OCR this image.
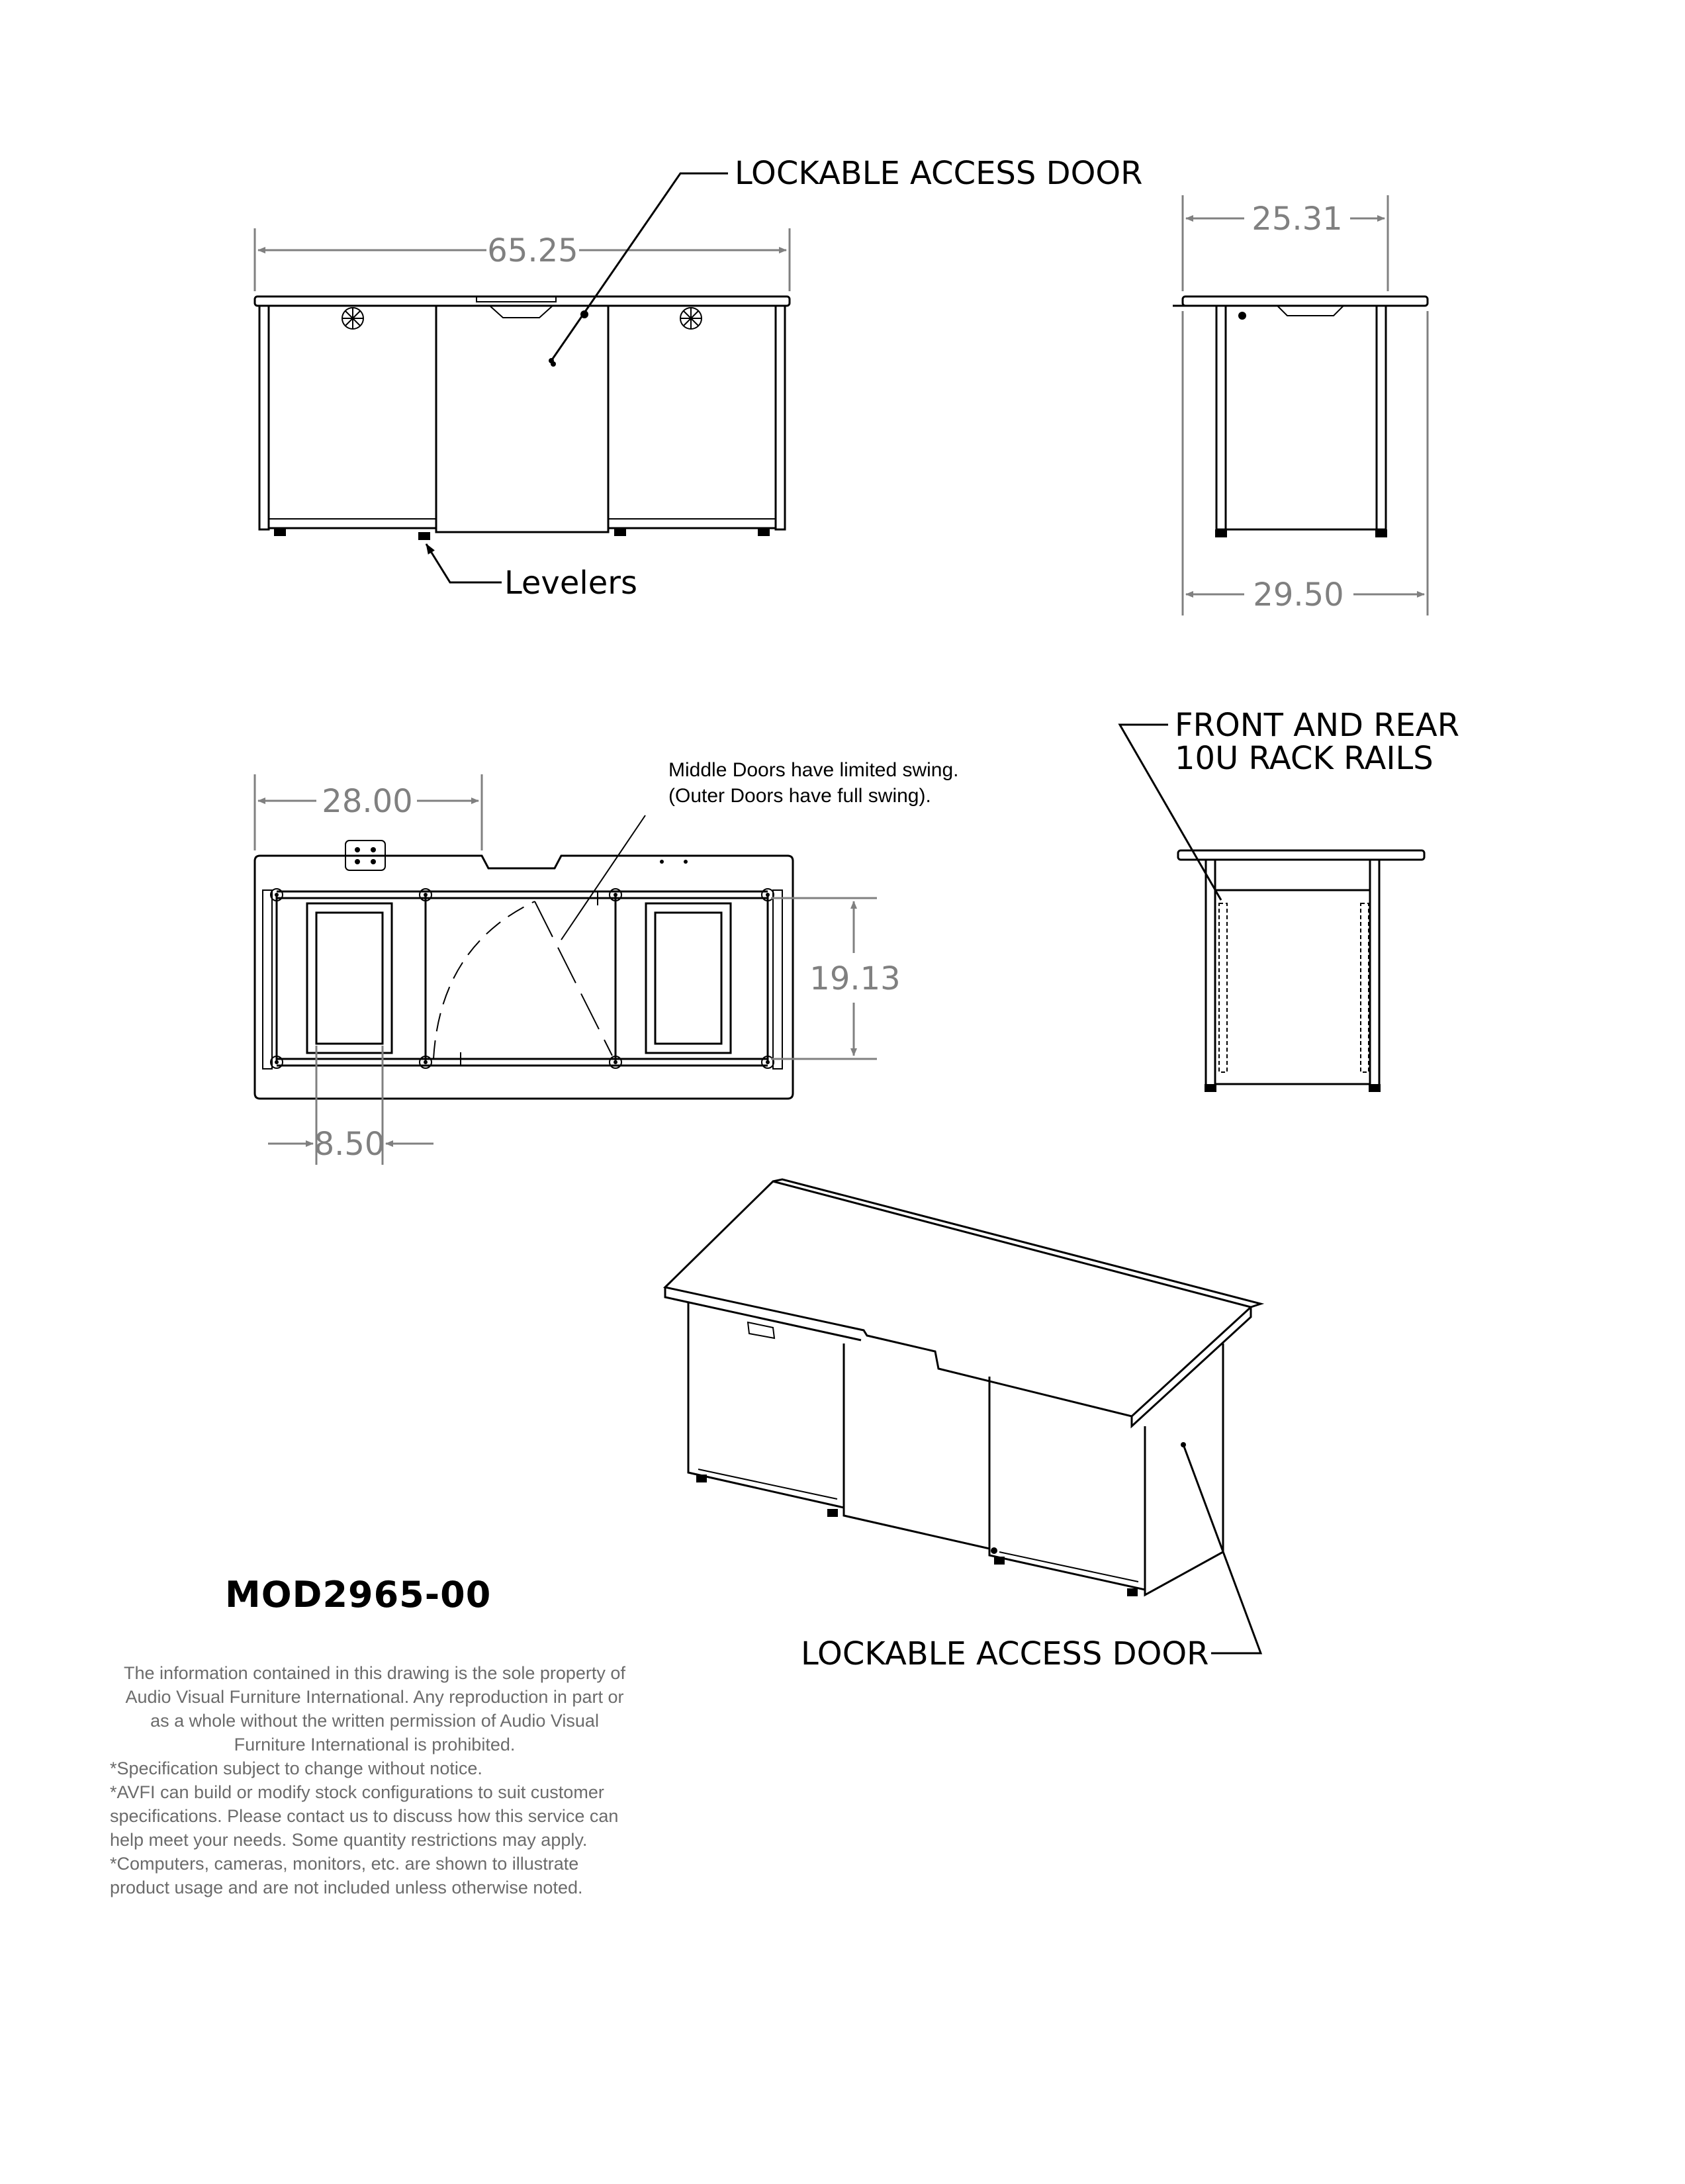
65.25
LOCKABLE ACCESS DOOR
Levelers
25.31
29.50
Middle Doors have limited swing.
(Outer Doors have full swing).
28.00
19.13
8.50
FRONT AND REAR
10U RACK RAILS
LOCKABLE ACCESS DOOR
MOD2965-00
The information contained in this drawing is the sole property of
Audio Visual Furniture International. Any reproduction in part or
as a whole without the written permission of Audio Visual
Furniture International is prohibited.
*Specification subject to change without notice.
*AVFI can build or modify stock configurations to suit customer
specifications. Please contact us to discuss how this service can
help meet your needs. Some quantity restrictions may apply.
*Computers, cameras, monitors, etc. are shown to illustrate
product usage and are not included unless otherwise noted.
